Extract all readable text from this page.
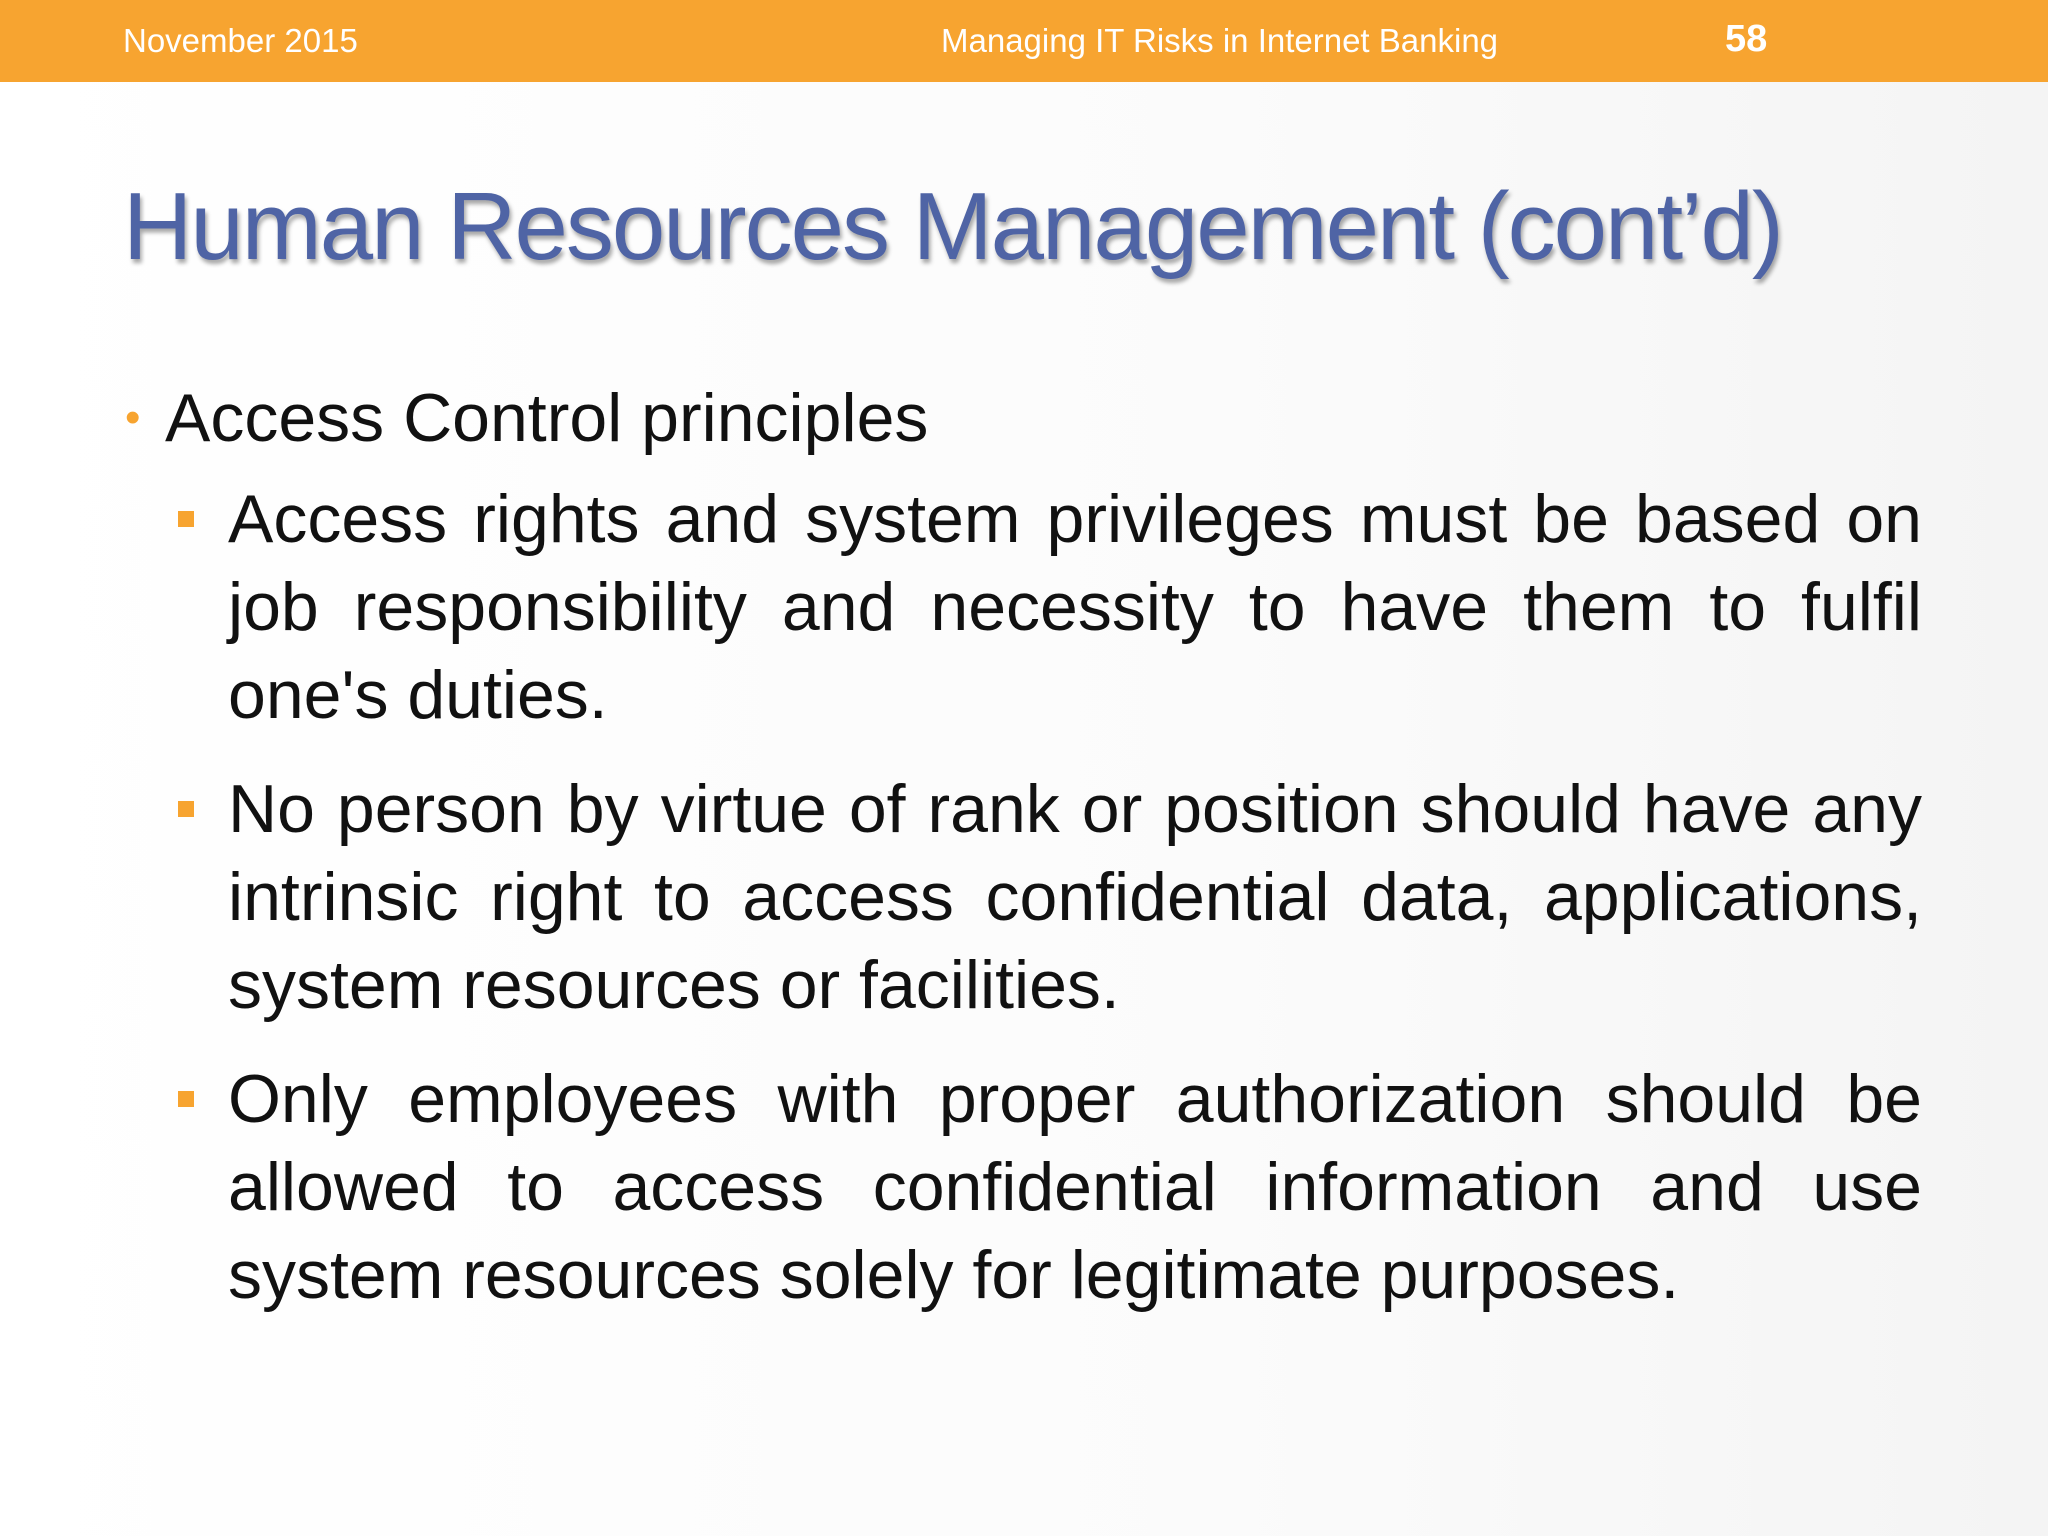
November 2015	Managing IT Risks in Internet Banking	58
Human Resources Management (cont’d)
• Access Control principles
Access rights and system privileges must be based on job responsibility and necessity to have them to fulfil one's duties.
No person by virtue of rank or position should have any intrinsic right to access confidential data, applications, system resources or facilities.
Only employees with proper authorization should be allowed to access confidential information and use system resources solely for legitimate purposes.
